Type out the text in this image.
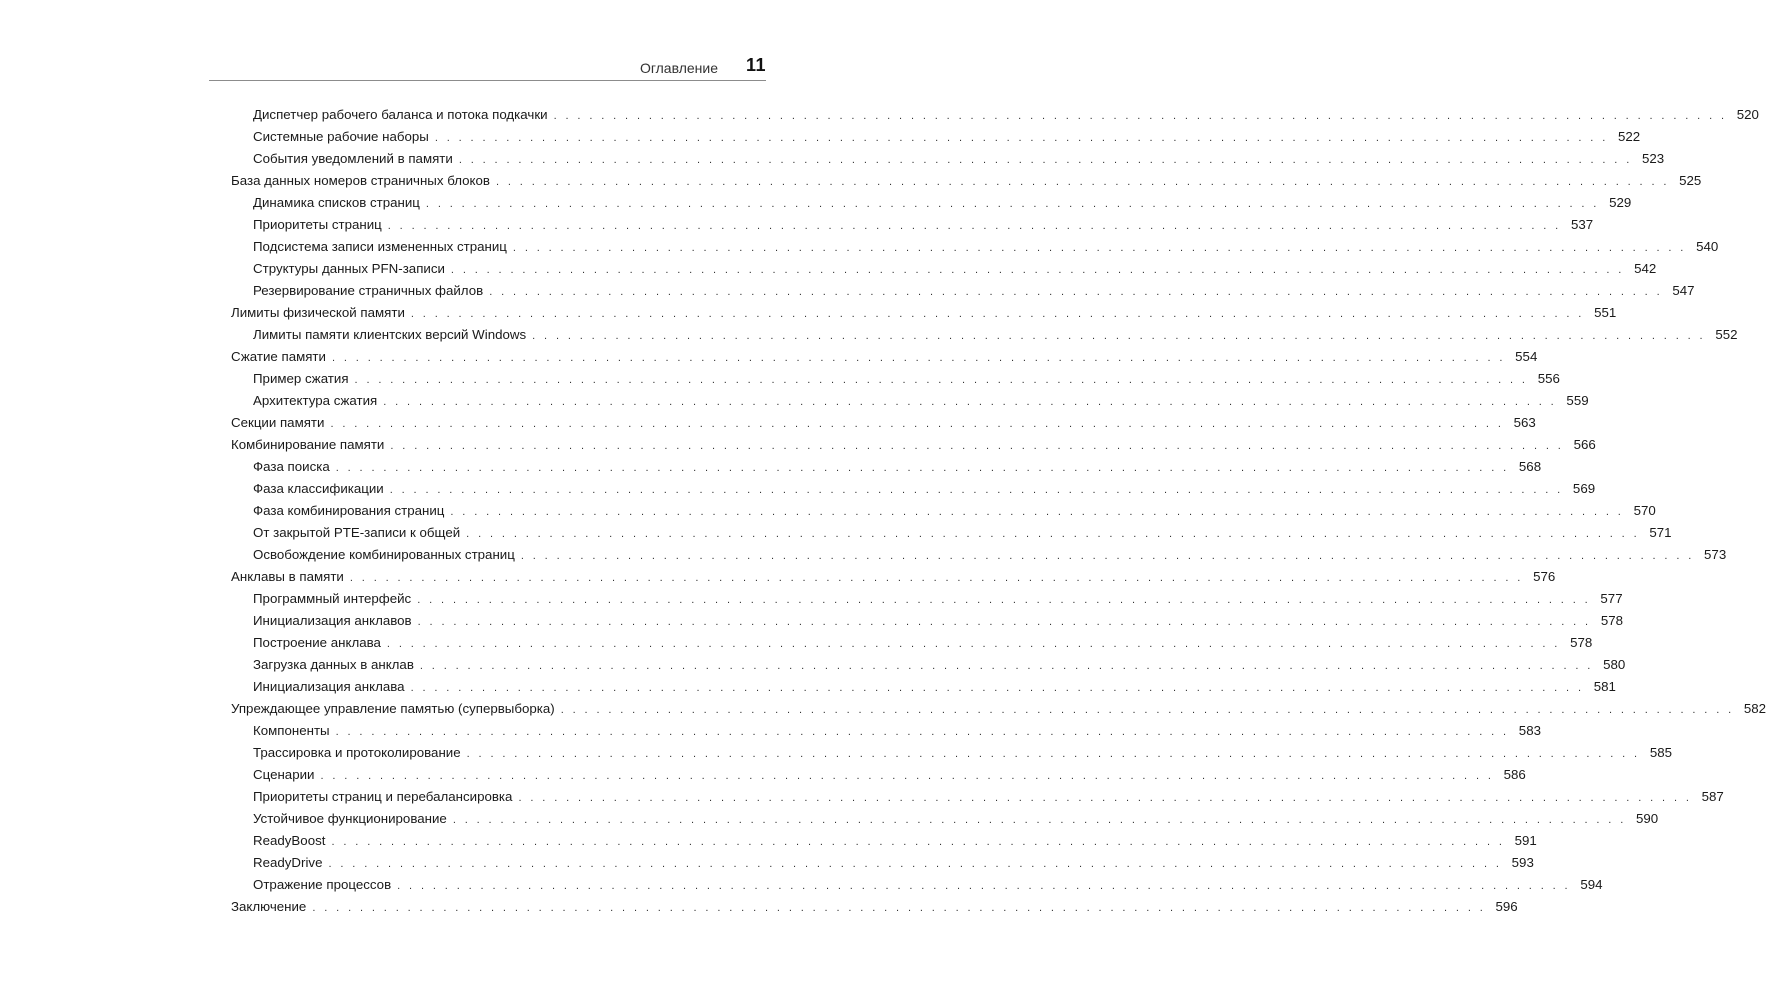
Оглавление 11
Диспетчер рабочего баланса и потока подкачки . . . . . . . . . . . . . . . . . . . . . . . . . . . . . . . . . . . . . . . . . . . . . . . . . . . . . . . . . . . . . . . . . . . . . . . . . . . . . . . . . . . . . . . . . . . . . . . . . . . 520
Системные рабочие наборы . . . . . . . . . . . . . . . . . . . . . . . . . . . . . . . . . . . . . . . . . . . . . . . . . . . . . . . . . . . . . . . . . . . . . . . . . . . . . . . . . . . . . . . . . . . . . . . . . . . 522
События уведомлений в памяти . . . . . . . . . . . . . . . . . . . . . . . . . . . . . . . . . . . . . . . . . . . . . . . . . . . . . . . . . . . . . . . . . . . . . . . . . . . . . . . . . . . . . . . . . . . . . . . . . . . 523
База данных номеров страничных блоков . . . . . . . . . . . . . . . . . . . . . . . . . . . . . . . . . . . . . . . . . . . . . . . . . . . . . . . . . . . . . . . . . . . . . . . . . . . . . . . . . . . . . . . . . . . . . . . . . . . 525
Динамика списков страниц . . . . . . . . . . . . . . . . . . . . . . . . . . . . . . . . . . . . . . . . . . . . . . . . . . . . . . . . . . . . . . . . . . . . . . . . . . . . . . . . . . . . . . . . . . . . . . . . . . . 529
Приоритеты страниц . . . . . . . . . . . . . . . . . . . . . . . . . . . . . . . . . . . . . . . . . . . . . . . . . . . . . . . . . . . . . . . . . . . . . . . . . . . . . . . . . . . . . . . . . . . . . . . . . . . 537
Подсистема записи измененных страниц . . . . . . . . . . . . . . . . . . . . . . . . . . . . . . . . . . . . . . . . . . . . . . . . . . . . . . . . . . . . . . . . . . . . . . . . . . . . . . . . . . . . . . . . . . . . . . . . . . . 540
Структуры данных PFN-записи . . . . . . . . . . . . . . . . . . . . . . . . . . . . . . . . . . . . . . . . . . . . . . . . . . . . . . . . . . . . . . . . . . . . . . . . . . . . . . . . . . . . . . . . . . . . . . . . . . . 542
Резервирование страничных файлов . . . . . . . . . . . . . . . . . . . . . . . . . . . . . . . . . . . . . . . . . . . . . . . . . . . . . . . . . . . . . . . . . . . . . . . . . . . . . . . . . . . . . . . . . . . . . . . . . . . 547
Лимиты физической памяти . . . . . . . . . . . . . . . . . . . . . . . . . . . . . . . . . . . . . . . . . . . . . . . . . . . . . . . . . . . . . . . . . . . . . . . . . . . . . . . . . . . . . . . . . . . . . . . . . . . 551
Лимиты памяти клиентских версий Windows . . . . . . . . . . . . . . . . . . . . . . . . . . . . . . . . . . . . . . . . . . . . . . . . . . . . . . . . . . . . . . . . . . . . . . . . . . . . . . . . . . . . . . . . . . . . . . . . . . . 552
Сжатие памяти . . . . . . . . . . . . . . . . . . . . . . . . . . . . . . . . . . . . . . . . . . . . . . . . . . . . . . . . . . . . . . . . . . . . . . . . . . . . . . . . . . . . . . . . . . . . . . . . . . . 554
Пример сжатия . . . . . . . . . . . . . . . . . . . . . . . . . . . . . . . . . . . . . . . . . . . . . . . . . . . . . . . . . . . . . . . . . . . . . . . . . . . . . . . . . . . . . . . . . . . . . . . . . . . 556
Архитектура сжатия . . . . . . . . . . . . . . . . . . . . . . . . . . . . . . . . . . . . . . . . . . . . . . . . . . . . . . . . . . . . . . . . . . . . . . . . . . . . . . . . . . . . . . . . . . . . . . . . . . . 559
Секции памяти . . . . . . . . . . . . . . . . . . . . . . . . . . . . . . . . . . . . . . . . . . . . . . . . . . . . . . . . . . . . . . . . . . . . . . . . . . . . . . . . . . . . . . . . . . . . . . . . . . . 563
Комбинирование памяти . . . . . . . . . . . . . . . . . . . . . . . . . . . . . . . . . . . . . . . . . . . . . . . . . . . . . . . . . . . . . . . . . . . . . . . . . . . . . . . . . . . . . . . . . . . . . . . . . . . 566
Фаза поиска . . . . . . . . . . . . . . . . . . . . . . . . . . . . . . . . . . . . . . . . . . . . . . . . . . . . . . . . . . . . . . . . . . . . . . . . . . . . . . . . . . . . . . . . . . . . . . . . . . . 568
Фаза классификации . . . . . . . . . . . . . . . . . . . . . . . . . . . . . . . . . . . . . . . . . . . . . . . . . . . . . . . . . . . . . . . . . . . . . . . . . . . . . . . . . . . . . . . . . . . . . . . . . . . 569
Фаза комбинирования страниц . . . . . . . . . . . . . . . . . . . . . . . . . . . . . . . . . . . . . . . . . . . . . . . . . . . . . . . . . . . . . . . . . . . . . . . . . . . . . . . . . . . . . . . . . . . . . . . . . . . 570
От закрытой PTE-записи к общей . . . . . . . . . . . . . . . . . . . . . . . . . . . . . . . . . . . . . . . . . . . . . . . . . . . . . . . . . . . . . . . . . . . . . . . . . . . . . . . . . . . . . . . . . . . . . . . . . . . 571
Освобождение комбинированных страниц . . . . . . . . . . . . . . . . . . . . . . . . . . . . . . . . . . . . . . . . . . . . . . . . . . . . . . . . . . . . . . . . . . . . . . . . . . . . . . . . . . . . . . . . . . . . . . . . . . . 573
Анклавы в памяти . . . . . . . . . . . . . . . . . . . . . . . . . . . . . . . . . . . . . . . . . . . . . . . . . . . . . . . . . . . . . . . . . . . . . . . . . . . . . . . . . . . . . . . . . . . . . . . . . . . 576
Программный интерфейс . . . . . . . . . . . . . . . . . . . . . . . . . . . . . . . . . . . . . . . . . . . . . . . . . . . . . . . . . . . . . . . . . . . . . . . . . . . . . . . . . . . . . . . . . . . . . . . . . . . 577
Инициализация анклавов . . . . . . . . . . . . . . . . . . . . . . . . . . . . . . . . . . . . . . . . . . . . . . . . . . . . . . . . . . . . . . . . . . . . . . . . . . . . . . . . . . . . . . . . . . . . . . . . . . . 578
Построение анклава . . . . . . . . . . . . . . . . . . . . . . . . . . . . . . . . . . . . . . . . . . . . . . . . . . . . . . . . . . . . . . . . . . . . . . . . . . . . . . . . . . . . . . . . . . . . . . . . . . . 578
Загрузка данных в анклав . . . . . . . . . . . . . . . . . . . . . . . . . . . . . . . . . . . . . . . . . . . . . . . . . . . . . . . . . . . . . . . . . . . . . . . . . . . . . . . . . . . . . . . . . . . . . . . . . . . 580
Инициализация анклава . . . . . . . . . . . . . . . . . . . . . . . . . . . . . . . . . . . . . . . . . . . . . . . . . . . . . . . . . . . . . . . . . . . . . . . . . . . . . . . . . . . . . . . . . . . . . . . . . . . 581
Упреждающее управление памятью (супервыборка) . . . . . . . . . . . . . . . . . . . . . . . . . . . . . . . . . . . . . . . . . . . . . . . . . . . . . . . . . . . . . . . . . . . . . . . . . . . . . . . . . . . . . . . . . . . . . . . . . . . 582
Компоненты . . . . . . . . . . . . . . . . . . . . . . . . . . . . . . . . . . . . . . . . . . . . . . . . . . . . . . . . . . . . . . . . . . . . . . . . . . . . . . . . . . . . . . . . . . . . . . . . . . . 583
Трассировка и протоколирование . . . . . . . . . . . . . . . . . . . . . . . . . . . . . . . . . . . . . . . . . . . . . . . . . . . . . . . . . . . . . . . . . . . . . . . . . . . . . . . . . . . . . . . . . . . . . . . . . . . 585
Сценарии . . . . . . . . . . . . . . . . . . . . . . . . . . . . . . . . . . . . . . . . . . . . . . . . . . . . . . . . . . . . . . . . . . . . . . . . . . . . . . . . . . . . . . . . . . . . . . . . . . . 586
Приоритеты страниц и перебалансировка . . . . . . . . . . . . . . . . . . . . . . . . . . . . . . . . . . . . . . . . . . . . . . . . . . . . . . . . . . . . . . . . . . . . . . . . . . . . . . . . . . . . . . . . . . . . . . . . . . . 587
Устойчивое функционирование . . . . . . . . . . . . . . . . . . . . . . . . . . . . . . . . . . . . . . . . . . . . . . . . . . . . . . . . . . . . . . . . . . . . . . . . . . . . . . . . . . . . . . . . . . . . . . . . . . . 590
ReadyBoost . . . . . . . . . . . . . . . . . . . . . . . . . . . . . . . . . . . . . . . . . . . . . . . . . . . . . . . . . . . . . . . . . . . . . . . . . . . . . . . . . . . . . . . . . . . . . . . . . . . 591
ReadyDrive . . . . . . . . . . . . . . . . . . . . . . . . . . . . . . . . . . . . . . . . . . . . . . . . . . . . . . . . . . . . . . . . . . . . . . . . . . . . . . . . . . . . . . . . . . . . . . . . . . . 593
Отражение процессов . . . . . . . . . . . . . . . . . . . . . . . . . . . . . . . . . . . . . . . . . . . . . . . . . . . . . . . . . . . . . . . . . . . . . . . . . . . . . . . . . . . . . . . . . . . . . . . . . . . 594
Заключение . . . . . . . . . . . . . . . . . . . . . . . . . . . . . . . . . . . . . . . . . . . . . . . . . . . . . . . . . . . . . . . . . . . . . . . . . . . . . . . . . . . . . . . . . . . . . . . . . . . 596
